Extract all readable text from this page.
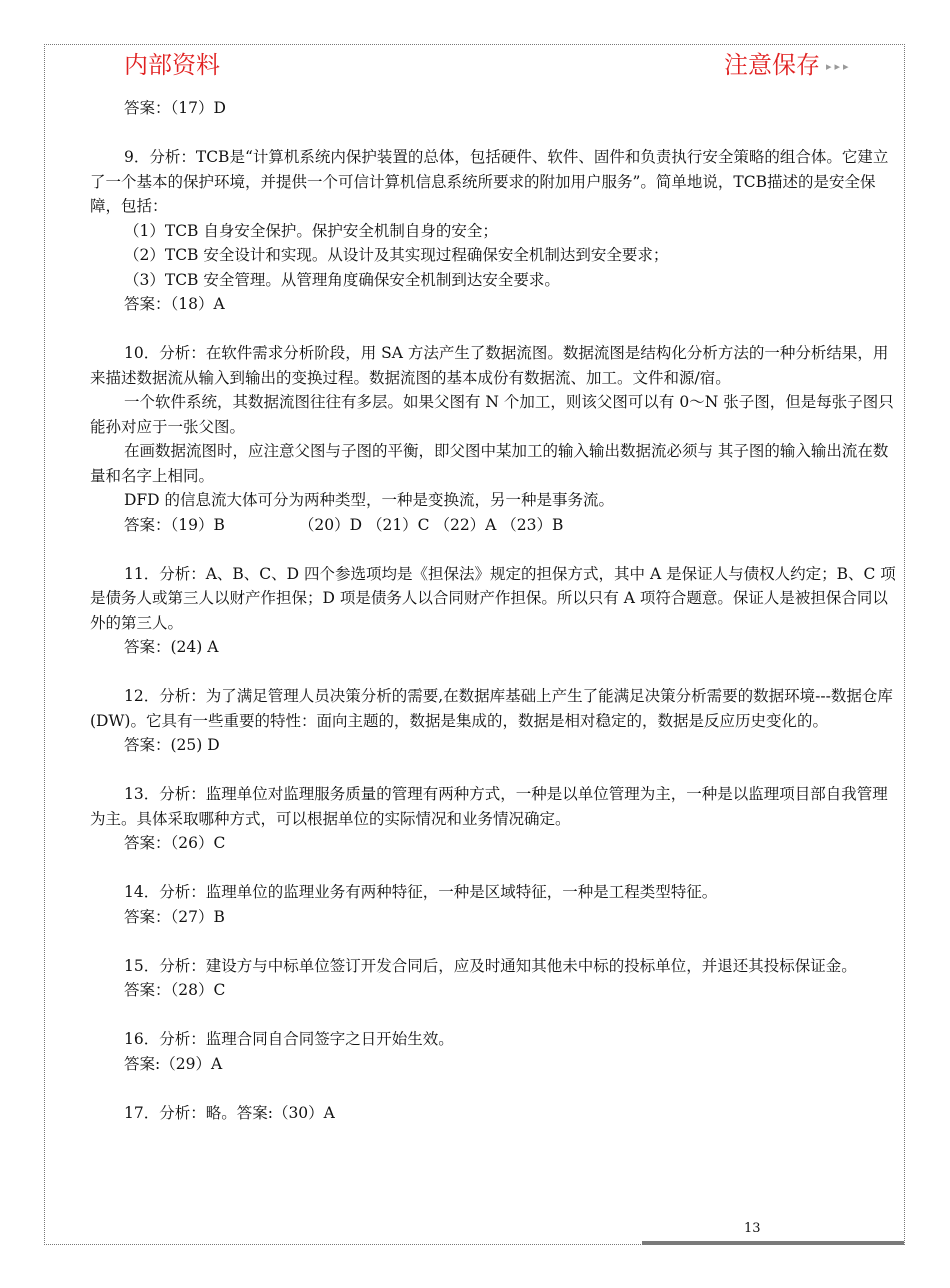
内部资料	注意保存 ▸▸▸

答案：（17）D

9．分析：TCB是“计算机系统内保护装置的总体，包括硬件、软件、固件和负责执行安全策略的组合体。它建立了一个基本的保护环境，并提供一个可信计算机信息系统所要求的附加用户服务”。简单地说，TCB描述的是安全保障，包括：

（1）TCB 自身安全保护。保护安全机制自身的安全；

（2）TCB 安全设计和实现。从设计及其实现过程确保安全机制达到安全要求；

（3）TCB 安全管理。从管理角度确保安全机制到达安全要求。

答案：（18）A

10．分析：在软件需求分析阶段，用 SA 方法产生了数据流图。数据流图是结构化分析方法的一种分析结果，用来描述数据流从输入到输出的变换过程。数据流图的基本成份有数据流、加工。文件和源/宿。

一个软件系统，其数据流图往往有多层。如果父图有 N 个加工，则该父图可以有 0～N 张子图，但是每张子图只能孙对应于一张父图。

在画数据流图时，应注意父图与子图的平衡，即父图中某加工的输入输出数据流必须与 其子图的输入输出流在数量和名字上相同。

DFD 的信息流大体可分为两种类型，一种是变换流，另一种是事务流。

答案：（19）B	（20）D （21）C （22）A （23）B

11．分析：A、B、C、D 四个参选项均是《担保法》规定的担保方式，其中 A 是保证人与债权人约定；B、C 项是债务人或第三人以财产作担保；D 项是债务人以合同财产作担保。所以只有 A 项符合题意。保证人是被担保合同以外的第三人。

答案：(24) A

12．分析：为了满足管理人员决策分析的需要,在数据库基础上产生了能满足决策分析需要的数据环境---数据仓库(DW)。它具有一些重要的特性：面向主题的，数据是集成的，数据是相对稳定的，数据是反应历史变化的。

答案：(25) D

13．分析：监理单位对监理服务质量的管理有两种方式，一种是以单位管理为主，一种是以监理项目部自我管理为主。具体采取哪种方式，可以根据单位的实际情况和业务情况确定。

答案：（26）C

14．分析：监理单位的监理业务有两种特征，一种是区域特征，一种是工程类型特征。

答案：（27）B

15．分析：建设方与中标单位签订开发合同后，应及时通知其他未中标的投标单位，并退还其投标保证金。

答案：（28）C

16．分析：监理合同自合同签字之日开始生效。

答案:（29）A

17．分析：略。答案:（30）A

13
